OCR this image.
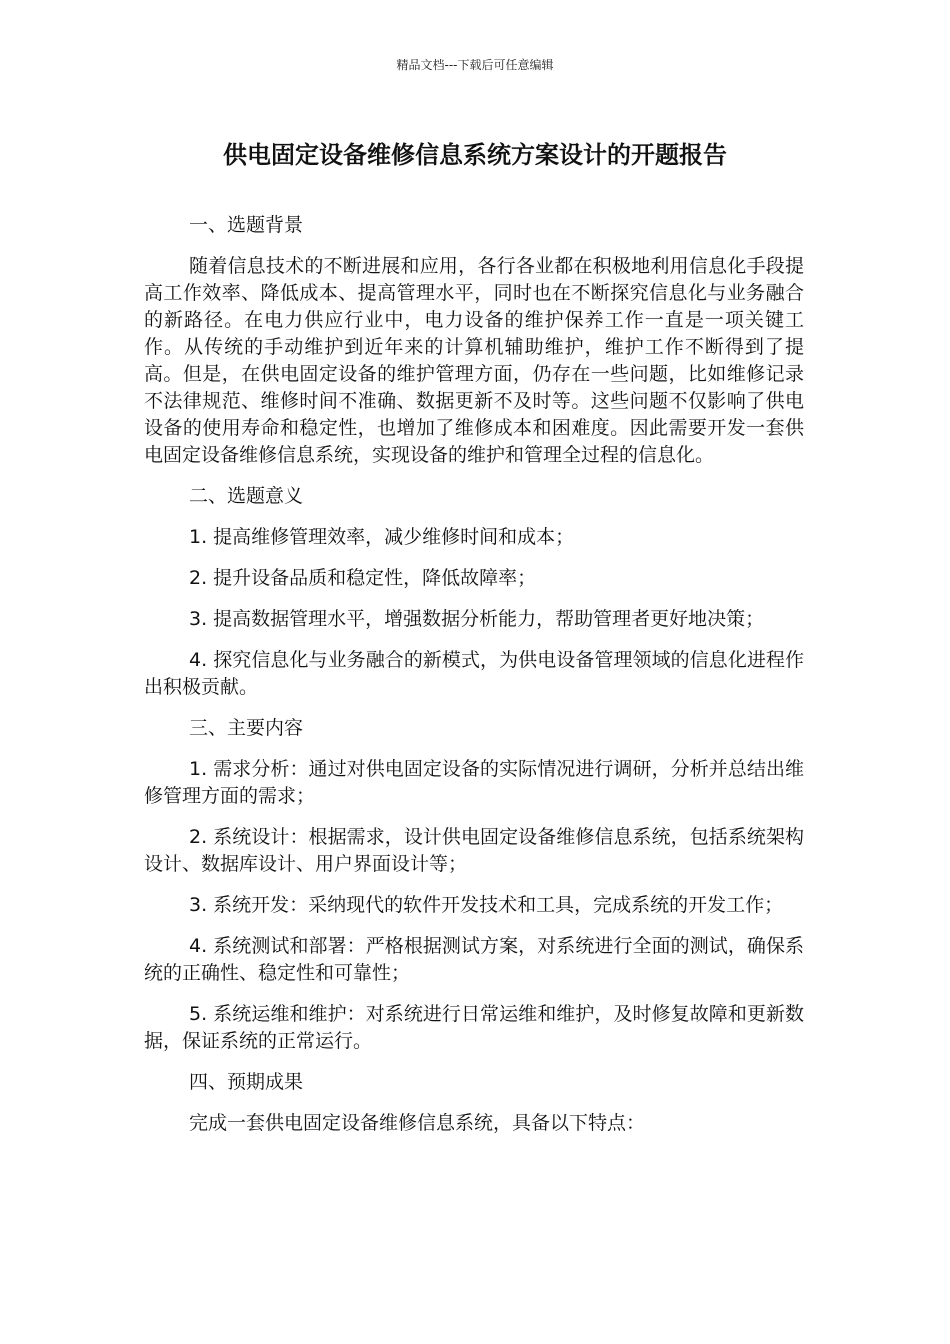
精品文档---下载后可任意编辑
供电固定设备维修信息系统方案设计的开题报告

一、选题背景

随着信息技术的不断进展和应用，各行各业都在积极地利用信息化手段提高工作效率、降低成本、提高管理水平，同时也在不断探究信息化与业务融合的新路径。在电力供应行业中，电力设备的维护保养工作一直是一项关键工作。从传统的手动维护到近年来的计算机辅助维护，维护工作不断得到了提高。但是，在供电固定设备的维护管理方面，仍存在一些问题，比如维修记录不法律规范、维修时间不准确、数据更新不及时等。这些问题不仅影响了供电设备的使用寿命和稳定性，也增加了维修成本和困难度。因此需要开发一套供电固定设备维修信息系统，实现设备的维护和管理全过程的信息化。

二、选题意义

1. 提高维修管理效率，减少维修时间和成本；

2. 提升设备品质和稳定性，降低故障率；

3. 提高数据管理水平，增强数据分析能力，帮助管理者更好地决策；

4. 探究信息化与业务融合的新模式，为供电设备管理领域的信息化进程作出积极贡献。

三、主要内容

1. 需求分析：通过对供电固定设备的实际情况进行调研，分析并总结出维修管理方面的需求；

2. 系统设计：根据需求，设计供电固定设备维修信息系统，包括系统架构设计、数据库设计、用户界面设计等；

3. 系统开发：采纳现代的软件开发技术和工具，完成系统的开发工作；

4. 系统测试和部署：严格根据测试方案，对系统进行全面的测试，确保系统的正确性、稳定性和可靠性；

5. 系统运维和维护：对系统进行日常运维和维护，及时修复故障和更新数据，保证系统的正常运行。

四、预期成果

完成一套供电固定设备维修信息系统，具备以下特点：
